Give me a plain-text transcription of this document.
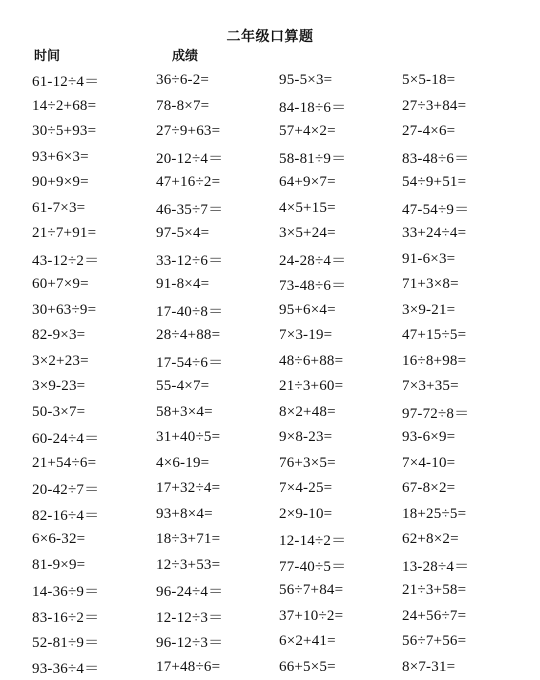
二年级口算题
时间	成绩
61-12÷4＝	36÷6-2=	95-5×3=	5×5-18=
14÷2+68=	78-8×7=	84-18÷6＝	27÷3+84=
30÷5+93=	27÷9+63=	57+4×2=	27-4×6=
93+6×3=	20-12÷4＝	58-81÷9＝	83-48÷6＝
90+9×9=	47+16÷2=	64+9×7=	54÷9+51=
61-7×3=	46-35÷7＝	4×5+15=	47-54÷9＝
21÷7+91=	97-5×4=	3×5+24=	33+24÷4=
43-12÷2＝	33-12÷6＝	24-28÷4＝	91-6×3=
60+7×9=	91-8×4=	73-48÷6＝	71+3×8=
30+63÷9=	17-40÷8＝	95+6×4=	3×9-21=
82-9×3=	28÷4+88=	7×3-19=	47+15÷5=
3×2+23=	17-54÷6＝	48÷6+88=	16÷8+98=
3×9-23=	55-4×7=	21÷3+60=	7×3+35=
50-3×7=	58+3×4=	8×2+48=	97-72÷8＝
60-24÷4＝	31+40÷5=	9×8-23=	93-6×9=
21+54÷6=	4×6-19=	76+3×5=	7×4-10=
20-42÷7＝	17+32÷4=	7×4-25=	67-8×2=
82-16÷4＝	93+8×4=	2×9-10=	18+25÷5=
6×6-32=	18÷3+71=	12-14÷2＝	62+8×2=
81-9×9=	12÷3+53=	77-40÷5＝	13-28÷4＝
14-36÷9＝	96-24÷4＝	56÷7+84=	21÷3+58=
83-16÷2＝	12-12÷3＝	37+10÷2=	24+56÷7=
52-81÷9＝	96-12÷3＝	6×2+41=	56÷7+56=
93-36÷4＝	17+48÷6=	66+5×5=	8×7-31=
